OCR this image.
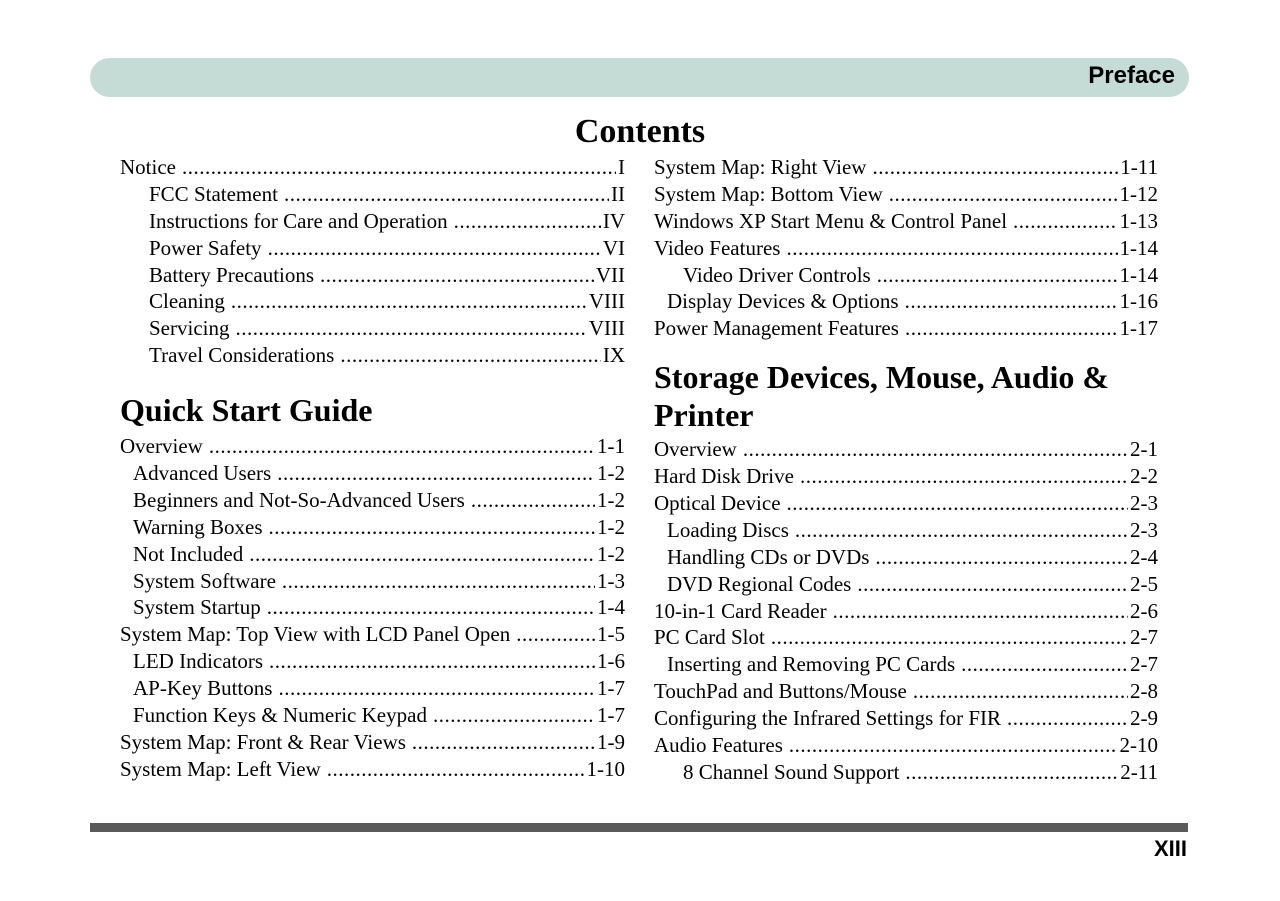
Preface
Contents
Notice .....	I
FCC Statement .....	II
Instructions for Care and Operation .....	IV
Power Safety .....	VI
Battery Precautions .....	VII
Cleaning .....	VIII
Servicing .....	VIII
Travel Considerations .....	IX
Quick Start Guide
Overview .....	1-1
Advanced Users .....	1-2
Beginners and Not-So-Advanced Users .....	1-2
Warning Boxes .....	1-2
Not Included .....	1-2
System Software .....	1-3
System Startup .....	1-4
System Map: Top View with LCD Panel Open .....	1-5
LED Indicators .....	1-6
AP-Key Buttons .....	1-7
Function Keys & Numeric Keypad .....	1-7
System Map: Front & Rear Views .....	1-9
System Map: Left View .....	1-10
System Map: Right View .....	1-11
System Map: Bottom View .....	1-12
Windows XP Start Menu & Control Panel .....	1-13
Video Features .....	1-14
Video Driver Controls .....	1-14
Display Devices & Options .....	1-16
Power Management Features .....	1-17
Storage Devices, Mouse, Audio & Printer
Overview .....	2-1
Hard Disk Drive .....	2-2
Optical Device .....	2-3
Loading Discs .....	2-3
Handling CDs or DVDs .....	2-4
DVD Regional Codes .....	2-5
10-in-1 Card Reader .....	2-6
PC Card Slot .....	2-7
Inserting and Removing PC Cards .....	2-7
TouchPad and Buttons/Mouse .....	2-8
Configuring the Infrared Settings for FIR .....	2-9
Audio Features .....	2-10
8 Channel Sound Support .....	2-11
XIII
